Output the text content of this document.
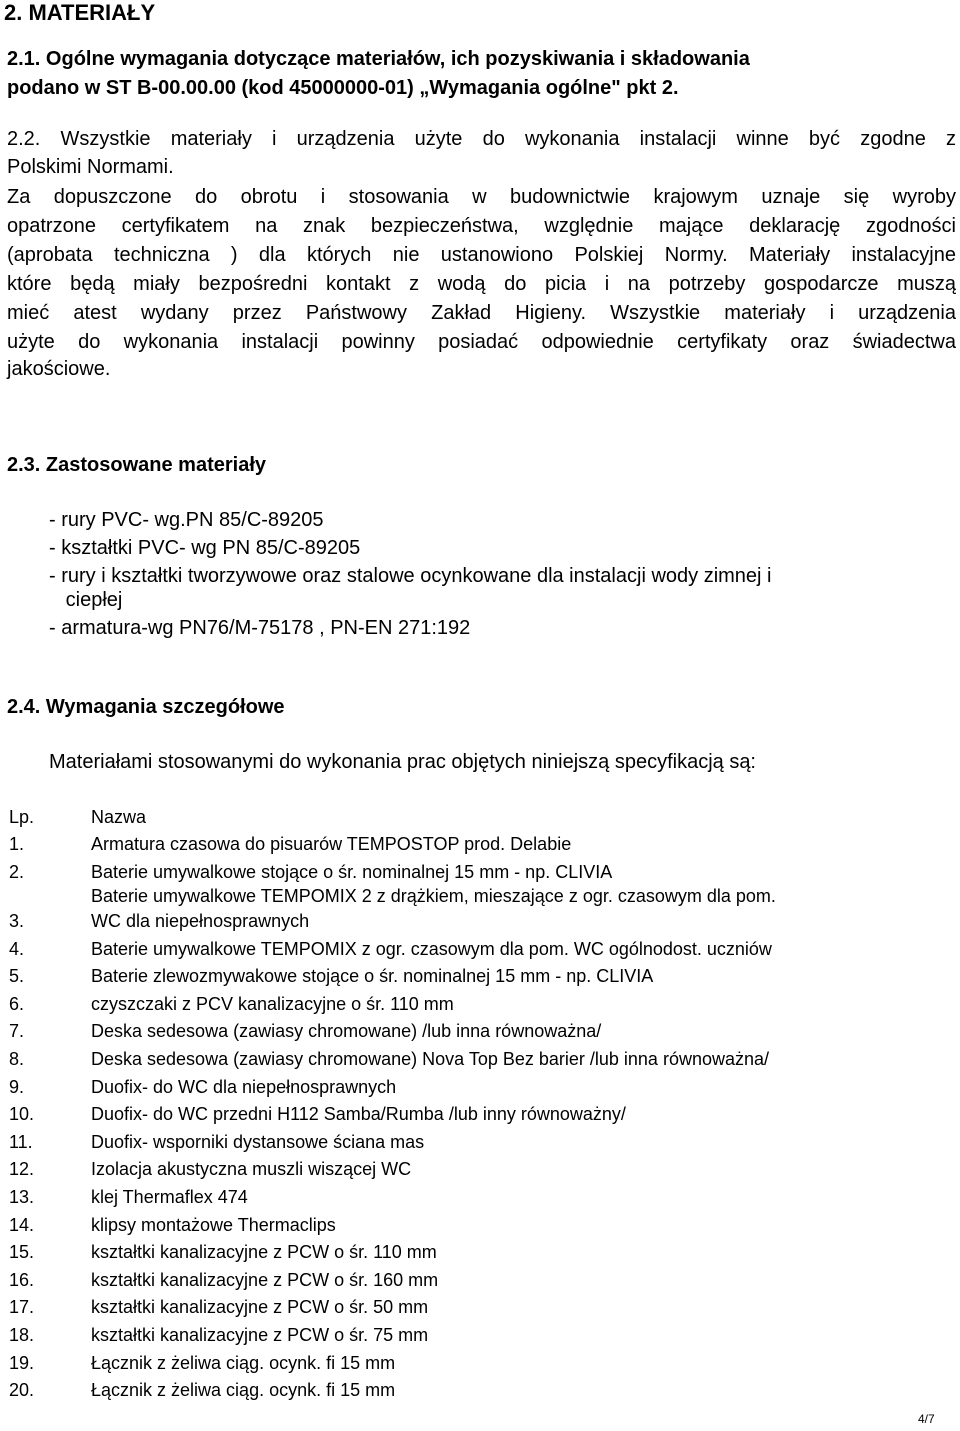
2. MATERIAŁY
2.1. Ogólne wymagania dotyczące materiałów, ich pozyskiwania i składowania
podano w ST B-00.00.00 (kod 45000000-01) „Wymagania ogólne" pkt 2.
2.2. Wszystkie materiały i urządzenia użyte do wykonania instalacji winne być zgodne z
Polskimi Normami.
Za dopuszczone do obrotu i stosowania w budownictwie krajowym uznaje się wyroby
opatrzone certyfikatem na znak bezpieczeństwa, względnie mające deklarację zgodności
(aprobata techniczna ) dla których nie ustanowiono Polskiej Normy. Materiały instalacyjne
które będą miały bezpośredni kontakt z wodą do picia i na potrzeby gospodarcze muszą
mieć atest wydany przez Państwowy Zakład Higieny. Wszystkie materiały i urządzenia
użyte do wykonania instalacji powinny posiadać odpowiednie certyfikaty oraz świadectwa
jakościowe.
2.3. Zastosowane materiały
- rury PVC- wg.PN 85/C-89205
- kształtki PVC- wg PN 85/C-89205
- rury i kształtki tworzywowe oraz stalowe ocynkowane dla instalacji wody zimnej i
ciepłej
- armatura-wg PN76/M-75178 , PN-EN 271:192
2.4. Wymagania szczegółowe
Materiałami stosowanymi do wykonania prac objętych niniejszą specyfikacją są:
Lp.	Nazwa
1.	Armatura czasowa do pisuarów TEMPOSTOP prod. Delabie
2.	Baterie umywalkowe stojące o śr. nominalnej 15 mm - np. CLIVIA
Baterie umywalkowe TEMPOMIX 2 z drążkiem, mieszające z ogr. czasowym dla pom.
3.	WC dla niepełnosprawnych
4.	Baterie umywalkowe TEMPOMIX z ogr. czasowym dla pom. WC ogólnodost. uczniów
5.	Baterie zlewozmywakowe stojące o śr. nominalnej 15 mm - np. CLIVIA
6.	czyszczaki z PCV kanalizacyjne o śr. 110 mm
7.	Deska sedesowa (zawiasy chromowane) /lub inna równoważna/
8.	Deska sedesowa (zawiasy chromowane) Nova Top Bez barier /lub inna równoważna/
9.	Duofix- do WC dla niepełnosprawnych
10.	Duofix- do WC przedni H112 Samba/Rumba /lub inny równoważny/
11.	Duofix- wsporniki dystansowe ściana mas
12.	Izolacja akustyczna muszli wiszącej WC
13.	klej Thermaflex 474
14.	klipsy montażowe Thermaclips
15.	kształtki kanalizacyjne z PCW o śr. 110 mm
16.	kształtki kanalizacyjne z PCW o śr. 160 mm
17.	kształtki kanalizacyjne z PCW o śr. 50 mm
18.	kształtki kanalizacyjne z PCW o śr. 75 mm
19.	Łącznik z żeliwa ciąg. ocynk. fi 15 mm
20.	Łącznik z żeliwa ciąg. ocynk. fi 15 mm
4/7
